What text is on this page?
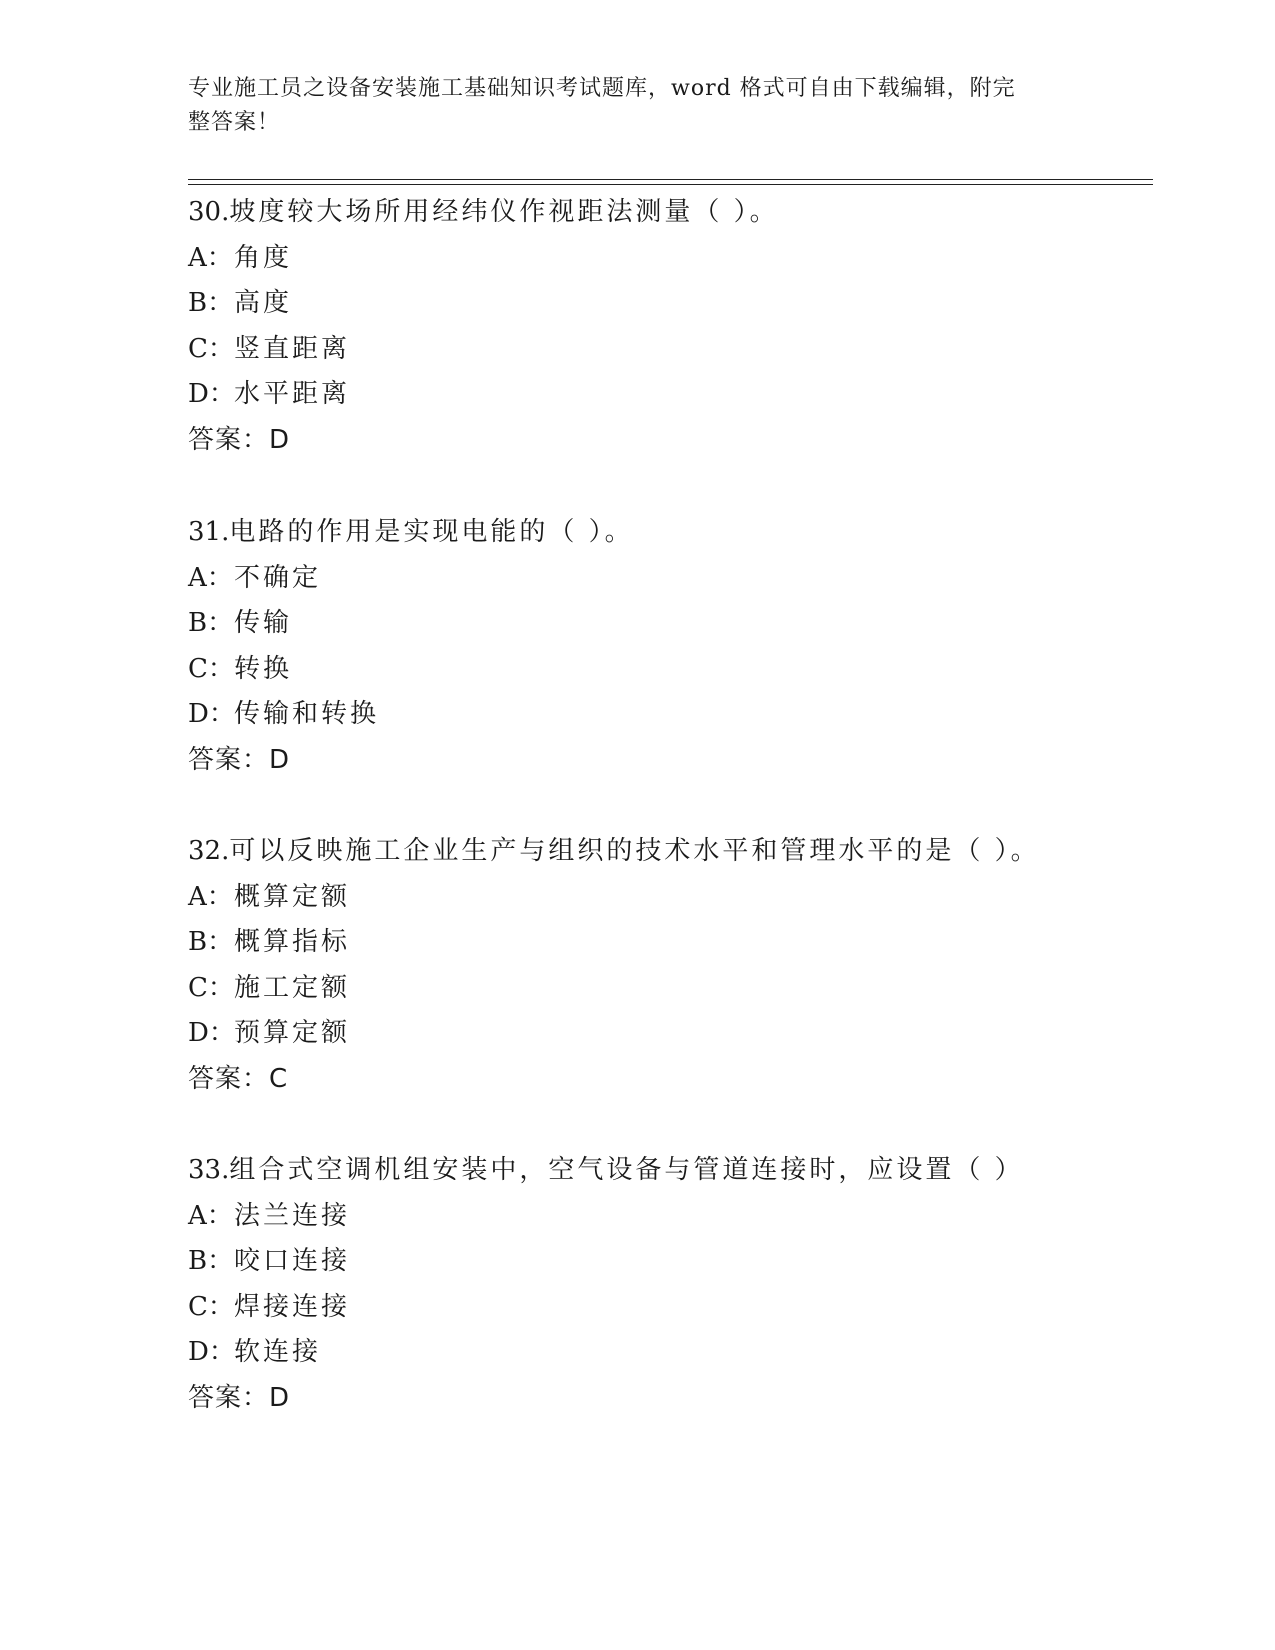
专业施工员之设备安装施工基础知识考试题库，word 格式可自由下载编辑，附完
整答案！
30.坡度较大场所用经纬仪作视距法测量（ ）。
A： 角度
B： 高度
C： 竖直距离
D： 水平距离
答案：D
31.电路的作用是实现电能的（ ）。
A： 不确定
B： 传输
C： 转换
D： 传输和转换
答案：D
32.可以反映施工企业生产与组织的技术水平和管理水平的是（ ）。
A： 概算定额
B： 概算指标
C： 施工定额
D： 预算定额
答案：C
33.组合式空调机组安装中，空气设备与管道连接时，应设置（ ）
A： 法兰连接
B： 咬口连接
C： 焊接连接
D： 软连接
答案：D
